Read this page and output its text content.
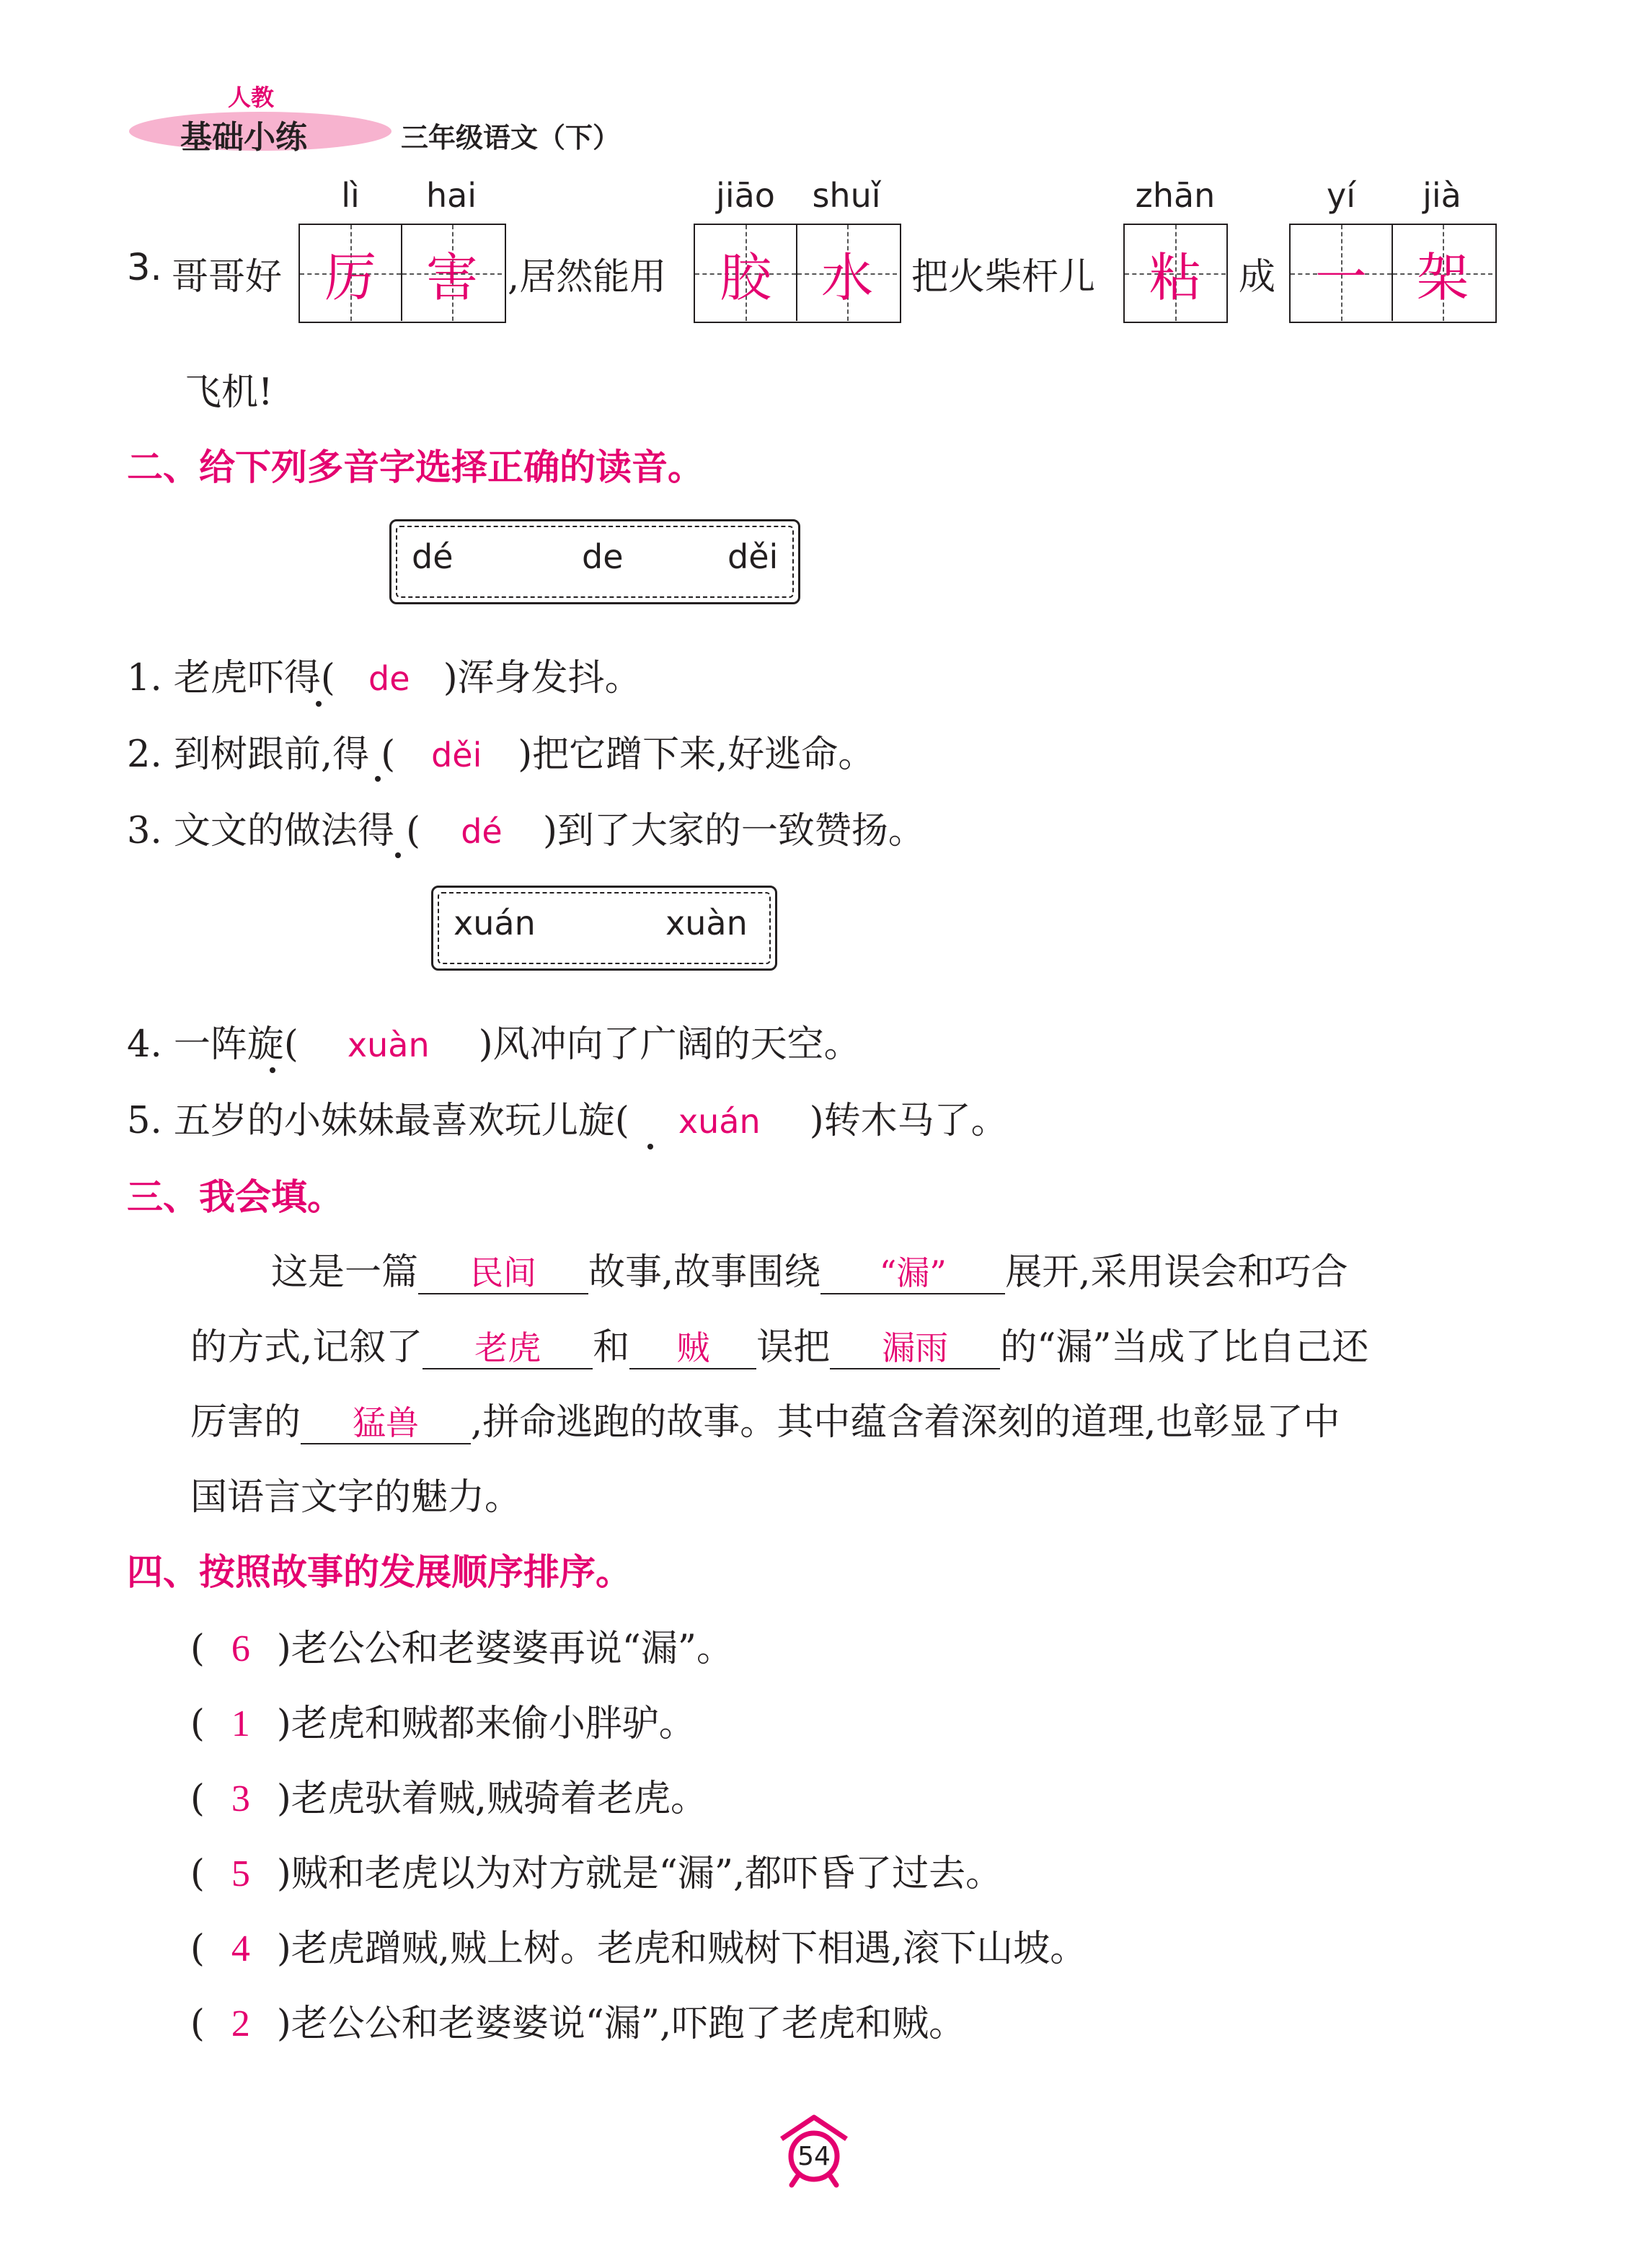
人教
基础小练	三年级语文（下）
lì	hai	jiāo	shuǐ	zhān	yí	jià
3. 哥哥好 厉 害 ,居然能用 胶 水 把火柴杆儿 粘 成 一 架
飞机!
二、给下列多音字选择正确的读音。
dé	de	děi
1. 老虎吓得( de )浑身发抖。
2. 到树跟前,得 ( děi )把它蹭下来,好逃命。
3. 文文的做法得 ( dé )到了大家的一致赞扬。
xuán	xuàn
4. 一阵旋( xuàn )风冲向了广阔的天空。
5. 五岁的小妹妹最喜欢玩儿旋( xuán )转木马了。
三、我会填。
这是一篇 民间 故事,故事围绕 “漏” 展开,采用误会和巧合
的方式,记叙了 老虎 和 贼 误把 漏雨 的“漏”当成了比自己还
厉害的 猛兽 ,拼命逃跑的故事。其中蕴含着深刻的道理,也彰显了中
国语言文字的魅力。
四、按照故事的发展顺序排序。
( 6 )老公公和老婆婆再说“漏”。
( 1 )老虎和贼都来偷小胖驴。
( 3 )老虎驮着贼,贼骑着老虎。
( 5 )贼和老虎以为对方就是“漏”,都吓昏了过去。
( 4 )老虎蹭贼,贼上树。老虎和贼树下相遇,滚下山坡。
( 2 )老公公和老婆婆说“漏”,吓跑了老虎和贼。
54
